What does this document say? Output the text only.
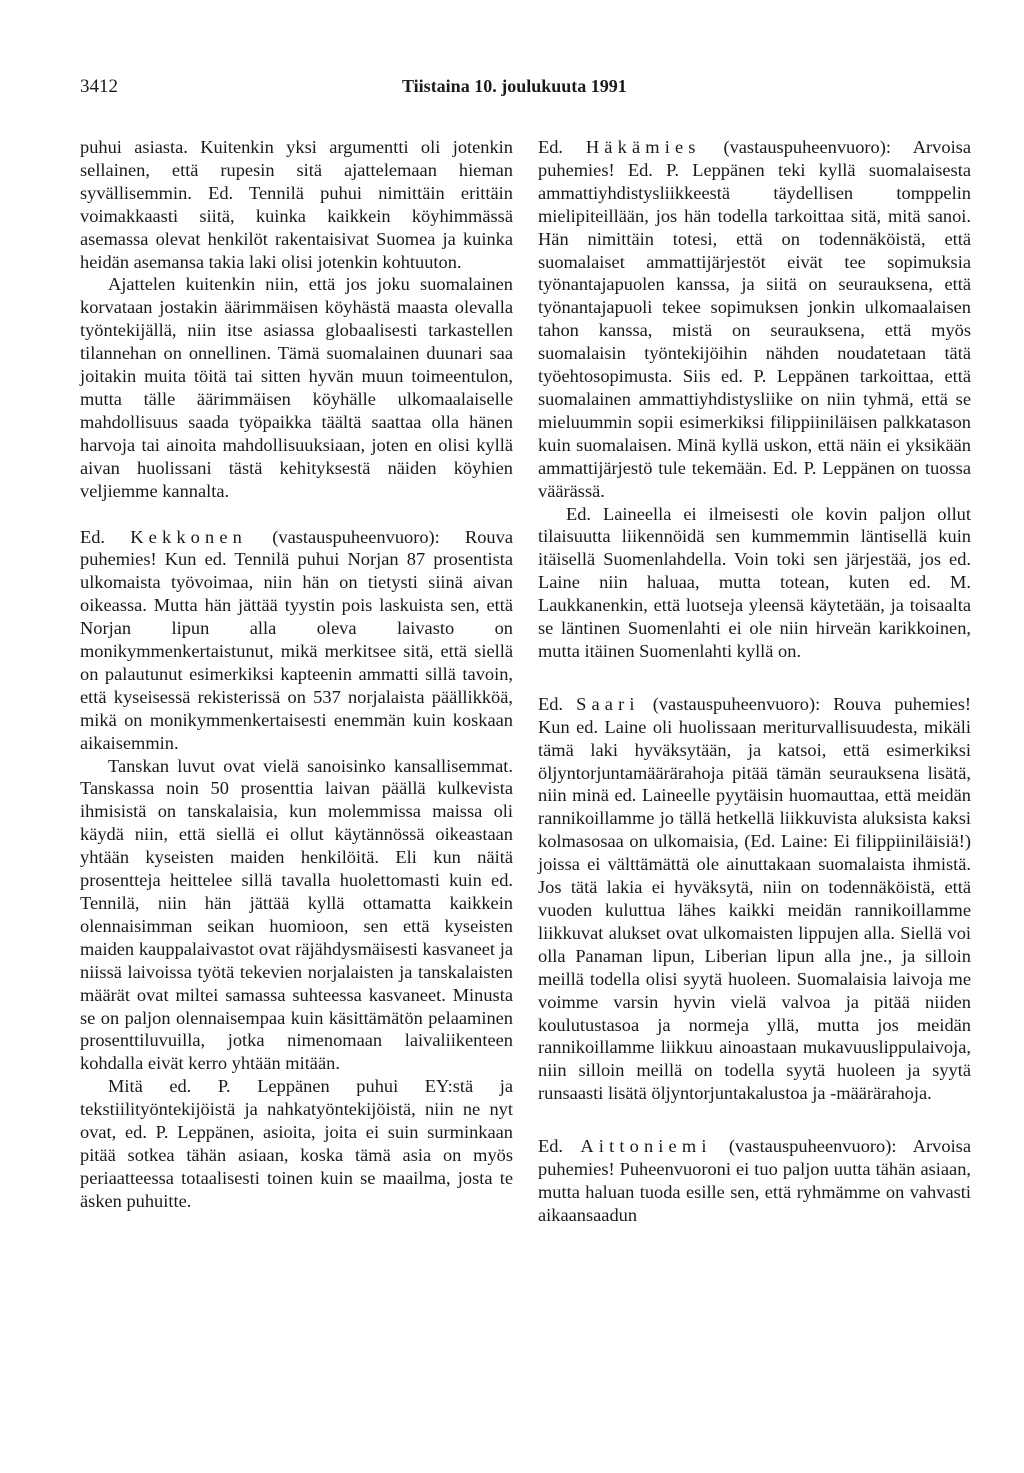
3412	Tiistaina 10. joulukuuta 1991

puhui asiasta. Kuitenkin yksi argumentti oli jotenkin sellainen, että rupesin sitä ajattelemaan hieman syvällisemmin. Ed. Tennilä puhui nimittäin erittäin voimakkaasti siitä, kuinka kaikkein köyhimmässä asemassa olevat henkilöt rakentaisivat Suomea ja kuinka heidän asemansa takia laki olisi jotenkin kohtuuton.

Ajattelen kuitenkin niin, että jos joku suomalainen korvataan jostakin äärimmäisen köyhästä maasta olevalla työntekijällä, niin itse asiassa globaalisesti tarkastellen tilannehan on onnellinen. Tämä suomalainen duunari saa joitakin muita töitä tai sitten hyvän muun toimeentulon, mutta tälle äärimmäisen köyhälle ulkomaalaiselle mahdollisuus saada työpaikka täältä saattaa olla hänen harvoja tai ainoita mahdollisuuksiaan, joten en olisi kyllä aivan huolissani tästä kehityksestä näiden köyhien veljiemme kannalta.

Ed. Kekkonen (vastauspuheenvuoro): Rouva puhemies! Kun ed. Tennilä puhui Norjan 87 prosentista ulkomaista työvoimaa, niin hän on tietysti siinä aivan oikeassa. Mutta hän jättää tyystin pois laskuista sen, että Norjan lipun alla oleva laivasto on monikymmenkertaistunut, mikä merkitsee sitä, että siellä on palautunut esimerkiksi kapteenin ammatti sillä tavoin, että kyseisessä rekisterissä on 537 norjalaista päällikköä, mikä on monikymmenkertaisesti enemmän kuin koskaan aikaisemmin.

Tanskan luvut ovat vielä sanoisinko kansallisemmat. Tanskassa noin 50 prosenttia laivan päällä kulkevista ihmisistä on tanskalaisia, kun molemmissa maissa oli käydä niin, että siellä ei ollut käytännössä oikeastaan yhtään kyseisten maiden henkilöitä. Eli kun näitä prosentteja heittelee sillä tavalla huolettomasti kuin ed. Tennilä, niin hän jättää kyllä ottamatta kaikkein olennaisimman seikan huomioon, sen että kyseisten maiden kauppalaivastot ovat räjähdysmäisesti kasvaneet ja niissä laivoissa työtä tekevien norjalaisten ja tanskalaisten määrät ovat miltei samassa suhteessa kasvaneet. Minusta se on paljon olennaisempaa kuin käsittämätön pelaaminen prosenttiluvuilla, jotka nimenomaan laivaliikenteen kohdalla eivät kerro yhtään mitään.

Mitä ed. P. Leppänen puhui EY:stä ja tekstiilityöntekijöistä ja nahkatyöntekijöistä, niin ne nyt ovat, ed. P. Leppänen, asioita, joita ei suin surminkaan pitää sotkea tähän asiaan, koska tämä asia on myös periaatteessa totaalisesti toinen kuin se maailma, josta te äsken puhuitte.

Ed. Häkämies (vastauspuheenvuoro): Arvoisa puhemies! Ed. P. Leppänen teki kyllä suomalaisesta ammattiyhdistysliikkeestä täydellisen tomppelin mielipiteillään, jos hän todella tarkoittaa sitä, mitä sanoi. Hän nimittäin totesi, että on todennäköistä, että suomalaiset ammattijärjestöt eivät tee sopimuksia työnantajapuolen kanssa, ja siitä on seurauksena, että työnantajapuoli tekee sopimuksen jonkin ulkomaalaisen tahon kanssa, mistä on seurauksena, että myös suomalaisin työntekijöihin nähden noudatetaan tätä työehtosopimusta. Siis ed. P. Leppänen tarkoittaa, että suomalainen ammattiyhdistysliike on niin tyhmä, että se mieluummin sopii esimerkiksi filippiiniläisen palkkatason kuin suomalaisen. Minä kyllä uskon, että näin ei yksikään ammattijärjestö tule tekemään. Ed. P. Leppänen on tuossa väärässä.

Ed. Laineella ei ilmeisesti ole kovin paljon ollut tilaisuutta liikennöidä sen kummemmin läntisellä kuin itäisellä Suomenlahdella. Voin toki sen järjestää, jos ed. Laine niin haluaa, mutta totean, kuten ed. M. Laukkanenkin, että luotseja yleensä käytetään, ja toisaalta se läntinen Suomenlahti ei ole niin hirveän karikkoinen, mutta itäinen Suomenlahti kyllä on.

Ed. Saari (vastauspuheenvuoro): Rouva puhemies! Kun ed. Laine oli huolissaan meriturvallisuudesta, mikäli tämä laki hyväksytään, ja katsoi, että esimerkiksi öljyntorjuntamäärärahoja pitää tämän seurauksena lisätä, niin minä ed. Laineelle pyytäisin huomauttaa, että meidän rannikoillamme jo tällä hetkellä liikkuvista aluksista kaksi kolmasosaa on ulkomaisia, (Ed. Laine: Ei filippiiniläisiä!) joissa ei välttämättä ole ainuttakaan suomalaista ihmistä. Jos tätä lakia ei hyväksytä, niin on todennäköistä, että vuoden kuluttua lähes kaikki meidän rannikoillamme liikkuvat alukset ovat ulkomaisten lippujen alla. Siellä voi olla Panaman lipun, Liberian lipun alla jne., ja silloin meillä todella olisi syytä huoleen. Suomalaisia laivoja me voimme varsin hyvin vielä valvoa ja pitää niiden koulutustasoa ja normeja yllä, mutta jos meidän rannikoillamme liikkuu ainoastaan mukavuuslippulaivoja, niin silloin meillä on todella syytä huoleen ja syytä runsaasti lisätä öljyntorjuntakalustoa ja -määrärahoja.

Ed. Aittoniemi (vastauspuheenvuoro): Arvoisa puhemies! Puheenvuoroni ei tuo paljon uutta tähän asiaan, mutta haluan tuoda esille sen, että ryhmämme on vahvasti aikaansaadun
